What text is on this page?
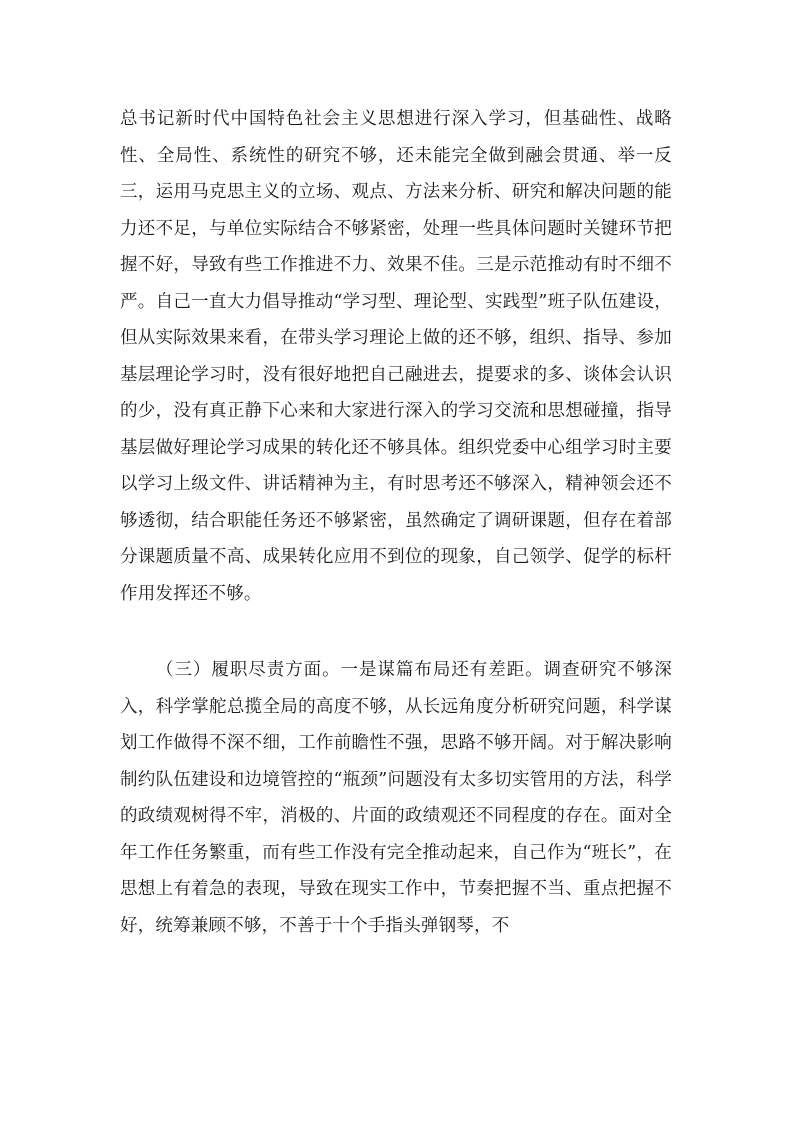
总书记新时代中国特色社会主义思想进行深入学习，但基础性、战略性、全局性、系统性的研究不够，还未能完全做到融会贯通、举一反三，运用马克思主义的立场、观点、方法来分析、研究和解决问题的能力还不足，与单位实际结合不够紧密，处理一些具体问题时关键环节把握不好，导致有些工作推进不力、效果不佳。三是示范推动有时不细不严。自己一直大力倡导推动“学习型、理论型、实践型”班子队伍建设，但从实际效果来看，在带头学习理论上做的还不够，组织、指导、参加基层理论学习时，没有很好地把自己融进去，提要求的多、谈体会认识的少，没有真正静下心来和大家进行深入的学习交流和思想碰撞，指导基层做好理论学习成果的转化还不够具体。组织党委中心组学习时主要以学习上级文件、讲话精神为主，有时思考还不够深入，精神领会还不够透彻，结合职能任务还不够紧密，虽然确定了调研课题，但存在着部分课题质量不高、成果转化应用不到位的现象，自己领学、促学的标杆作用发挥还不够。

（三）履职尽责方面。一是谋篇布局还有差距。调查研究不够深入，科学掌舵总揽全局的高度不够，从长远角度分析研究问题，科学谋划工作做得不深不细，工作前瞻性不强，思路不够开阔。对于解决影响制约队伍建设和边境管控的“瓶颈”问题没有太多切实管用的方法，科学的政绩观树得不牢，消极的、片面的政绩观还不同程度的存在。面对全年工作任务繁重，而有些工作没有完全推动起来，自己作为“班长”，在思想上有着急的表现，导致在现实工作中，节奏把握不当、重点把握不好，统筹兼顾不够，不善于十个手指头弹钢琴，不
